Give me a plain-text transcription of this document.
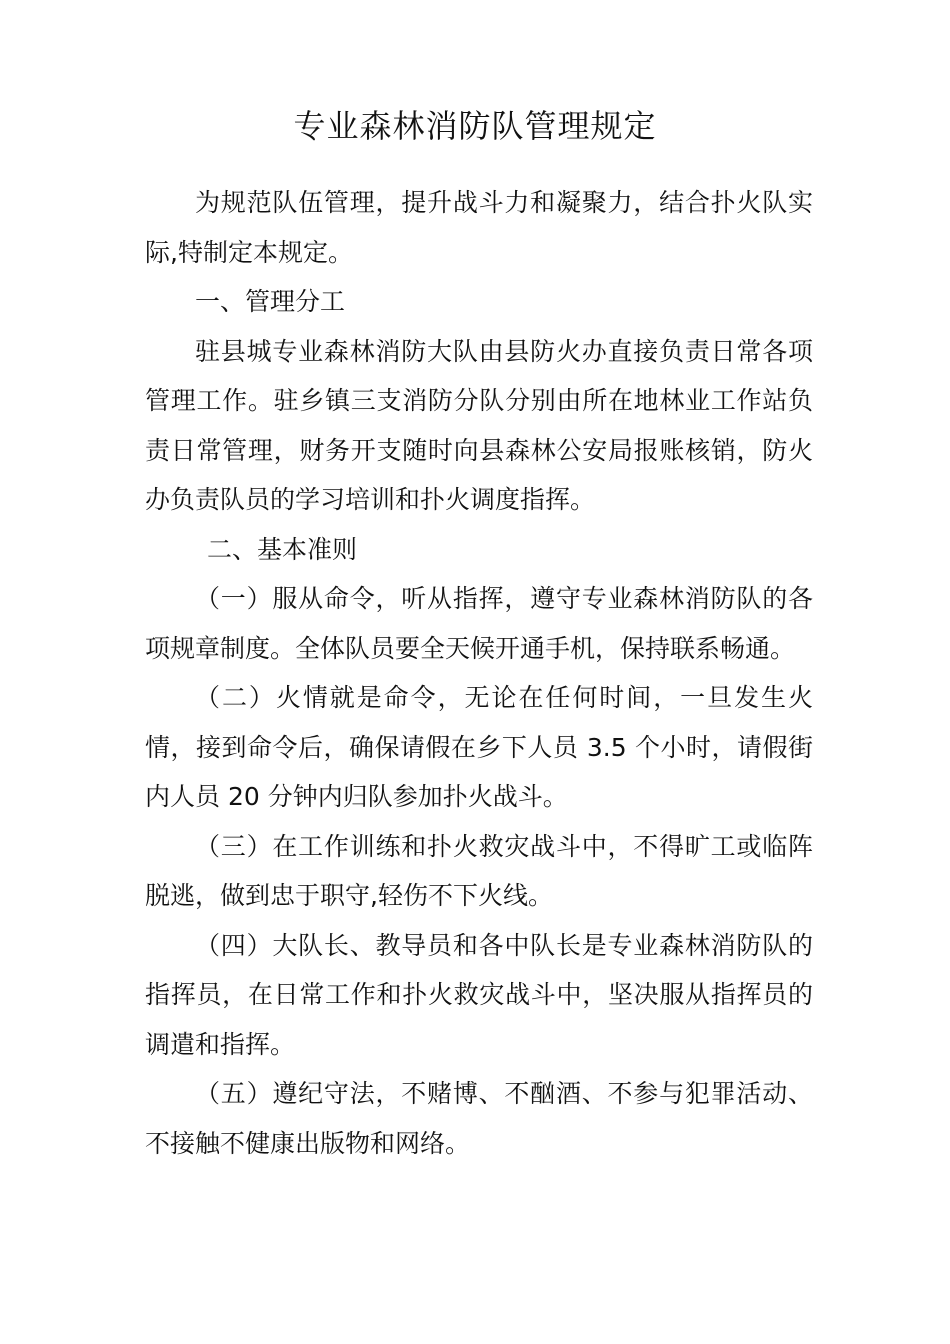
专业森林消防队管理规定

为规范队伍管理，提升战斗力和凝聚力，结合扑火队实际,特制定本规定。

一、管理分工

驻县城专业森林消防大队由县防火办直接负责日常各项管理工作。驻乡镇三支消防分队分别由所在地林业工作站负责日常管理，财务开支随时向县森林公安局报账核销，防火办负责队员的学习培训和扑火调度指挥。

二、基本准则

（一）服从命令，听从指挥，遵守专业森林消防队的各项规章制度。全体队员要全天候开通手机，保持联系畅通。

（二）火情就是命令，无论在任何时间，一旦发生火情，接到命令后，确保请假在乡下人员 3.5 个小时，请假街内人员 20 分钟内归队参加扑火战斗。

（三）在工作训练和扑火救灾战斗中，不得旷工或临阵脱逃，做到忠于职守,轻伤不下火线。

（四）大队长、教导员和各中队长是专业森林消防队的指挥员，在日常工作和扑火救灾战斗中，坚决服从指挥员的调遣和指挥。

（五）遵纪守法，不赌博、不酗酒、不参与犯罪活动、不接触不健康出版物和网络。
